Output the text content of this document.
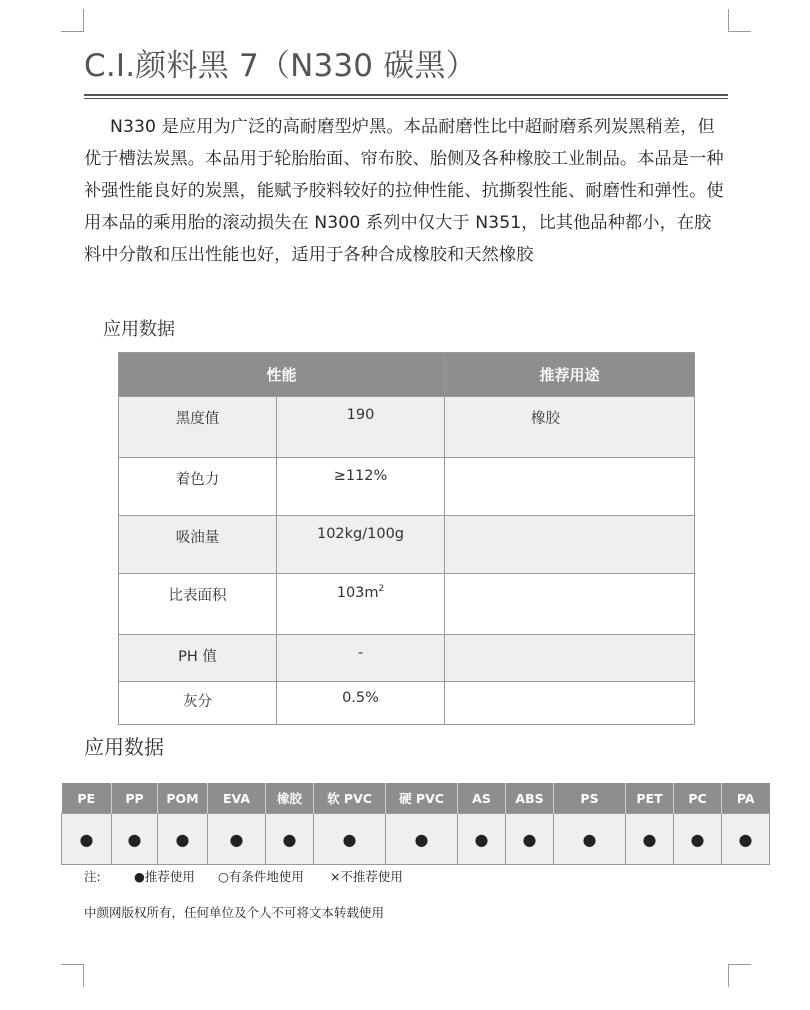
C.I.颜料黑 7（N330 碳黑）
N330 是应用为广泛的高耐磨型炉黑。本品耐磨性比中超耐磨系列炭黑稍差，但优于槽法炭黑。本品用于轮胎胎面、帘布胶、胎侧及各种橡胶工业制品。本品是一种补强性能良好的炭黑，能赋予胶料较好的拉伸性能、抗撕裂性能、耐磨性和弹性。使用本品的乘用胎的滚动损失在 N300 系列中仅大于 N351，比其他品种都小，在胶料中分散和压出性能也好，适用于各种合成橡胶和天然橡胶
应用数据
性能		推荐用途

黑度值	190	橡胶

着色力	≥112%	

吸油量	102kg/100g	

比表面积	$103m^2$

PH 值	-	

灰分	0.5%	

应用数据
PE	PP	POM	EVA	橡胶	软 PVC	硬 PVC	AS	ABS	PS	PET	PC	PA
●	●	●	●	●	●	●	●	●	●	●	●	●
注:	●推荐使用 ○有条件地使用 ×不推荐使用
中颜网版权所有，任何单位及个人不可将文本转载使用
